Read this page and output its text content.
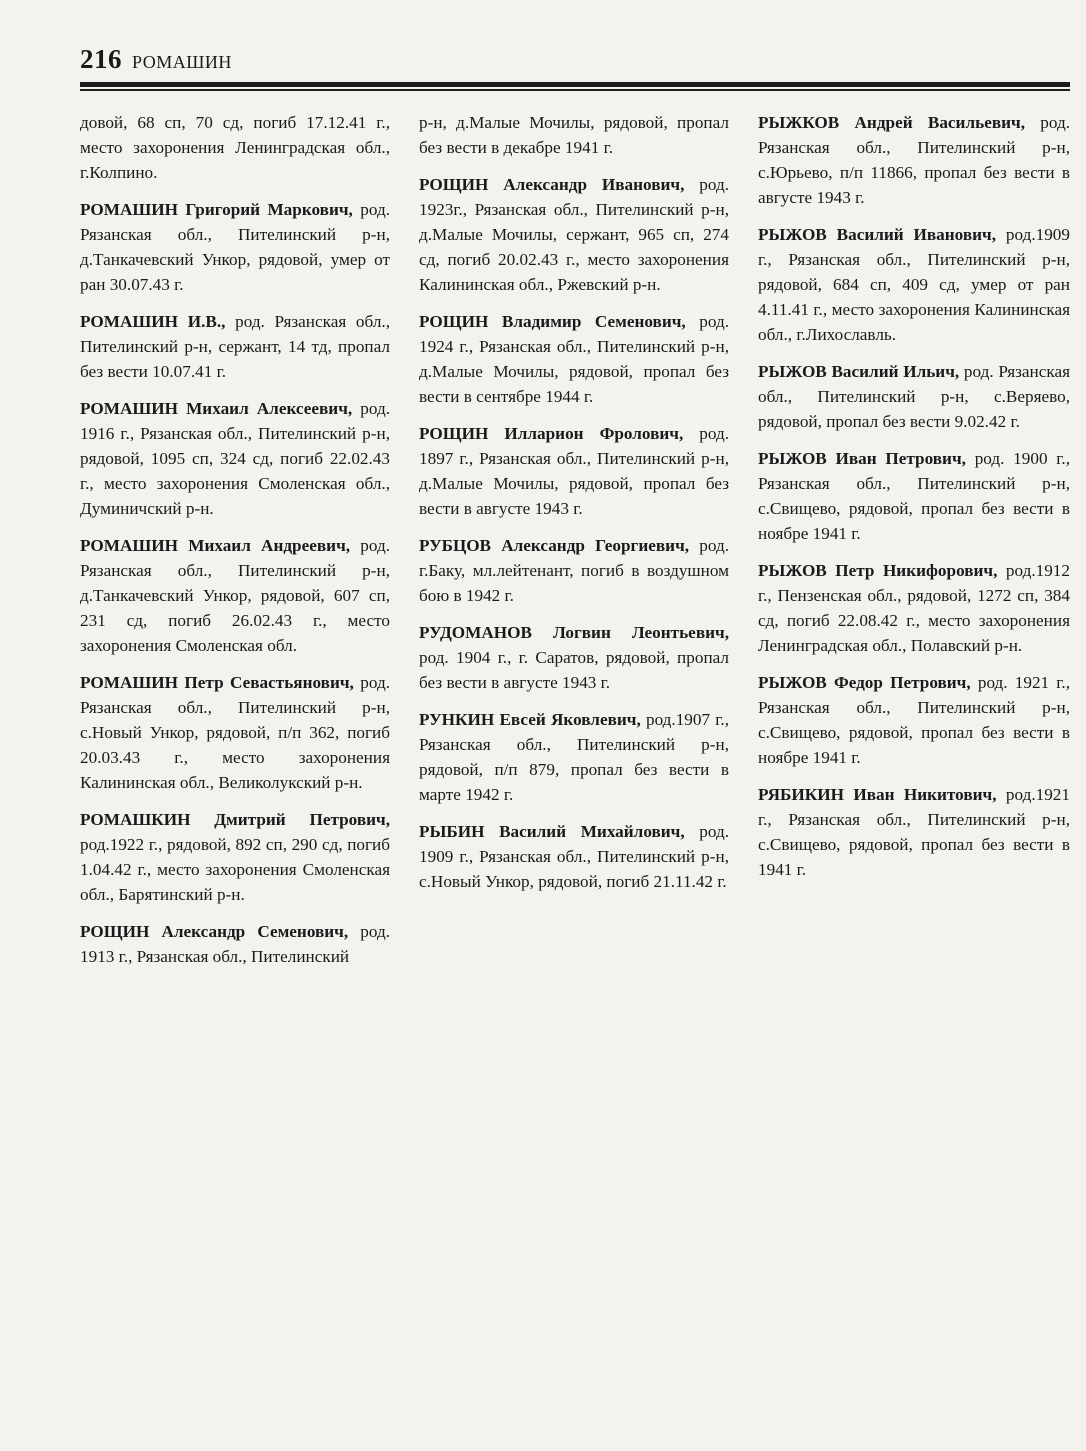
216 РОМАШИН

довой, 68 сп, 70 сд, погиб 17.12.41 г., место захоронения Ленинградская обл., г.Колпино.

РОМАШИН Григорий Маркович, род. Рязанская обл., Пителинский р-н, д.Танкачевский Ункор, рядовой, умер от ран 30.07.43 г.

РОМАШИН И.В., род. Рязанская обл., Пителинский р-н, сержант, 14 тд, пропал без вести 10.07.41 г.

РОМАШИН Михаил Алексеевич, род. 1916 г., Рязанская обл., Пителинский р-н, рядовой, 1095 сп, 324 сд, погиб 22.02.43 г., место захоронения Смоленская обл., Думиничский р-н.

РОМАШИН Михаил Андреевич, род. Рязанская обл., Пителинский р-н, д.Танкачевский Ункор, рядовой, 607 сп, 231 сд, погиб 26.02.43 г., место захоронения Смоленская обл.

РОМАШИН Петр Севастьянович, род. Рязанская обл., Пителинский р-н, с.Новый Ункор, рядовой, п/п 362, погиб 20.03.43 г., место захоронения Калининская обл., Великолукский р-н.

РОМАШКИН Дмитрий Петрович, род.1922 г., рядовой, 892 сп, 290 сд, погиб 1.04.42 г., место захоронения Смоленская обл., Барятинский р-н.

РОЩИН Александр Семенович, род. 1913 г., Рязанская обл., Пителинский

р-н, д.Малые Мочилы, рядовой, пропал без вести в декабре 1941 г.

РОЩИН Александр Иванович, род. 1923г., Рязанская обл., Пителинский р-н, д.Малые Мочилы, сержант, 965 сп, 274 сд, погиб 20.02.43 г., место захоронения Калининская обл., Ржевский р-н.

РОЩИН Владимир Семенович, род. 1924 г., Рязанская обл., Пителинский р-н, д.Малые Мочилы, рядовой, пропал без вести в сентябре 1944 г.

РОЩИН Илларион Фролович, род. 1897 г., Рязанская обл., Пителинский р-н, д.Малые Мочилы, рядовой, пропал без вести в августе 1943 г.

РУБЦОВ Александр Георгиевич, род. г.Баку, мл.лейтенант, погиб в воздушном бою в 1942 г.

РУДОМАНОВ Логвин Леонтьевич, род. 1904 г., г. Саратов, рядовой, пропал без вести в августе 1943 г.

РУНКИН Евсей Яковлевич, род.1907 г., Рязанская обл., Пителинский р-н, рядовой, п/п 879, пропал без вести в марте 1942 г.

РЫБИН Василий Михайлович, род. 1909 г., Рязанская обл., Пителинский р-н, с.Новый Ункор, рядовой, погиб 21.11.42 г.

РЫЖКОВ Андрей Васильевич, род. Рязанская обл., Пителинский р-н, с.Юрьево, п/п 11866, пропал без вести в августе 1943 г.

РЫЖОВ Василий Иванович, род.1909 г., Рязанская обл., Пителинский р-н, рядовой, 684 сп, 409 сд, умер от ран 4.11.41 г., место захоронения Калининская обл., г.Лихославль.

РЫЖОВ Василий Ильич, род. Рязанская обл., Пителинский р-н, с.Веряево, рядовой, пропал без вести 9.02.42 г.

РЫЖОВ Иван Петрович, род. 1900 г., Рязанская обл., Пителинский р-н, с.Свищево, рядовой, пропал без вести в ноябре 1941 г.

РЫЖОВ Петр Никифорович, род.1912 г., Пензенская обл., рядовой, 1272 сп, 384 сд, погиб 22.08.42 г., место захоронения Ленинградская обл., Полавский р-н.

РЫЖОВ Федор Петрович, род. 1921 г., Рязанская обл., Пителинский р-н, с.Свищево, рядовой, пропал без вести в ноябре 1941 г.

РЯБИКИН Иван Никитович, род.1921 г., Рязанская обл., Пителинский р-н, с.Свищево, рядовой, пропал без вести в 1941 г.
